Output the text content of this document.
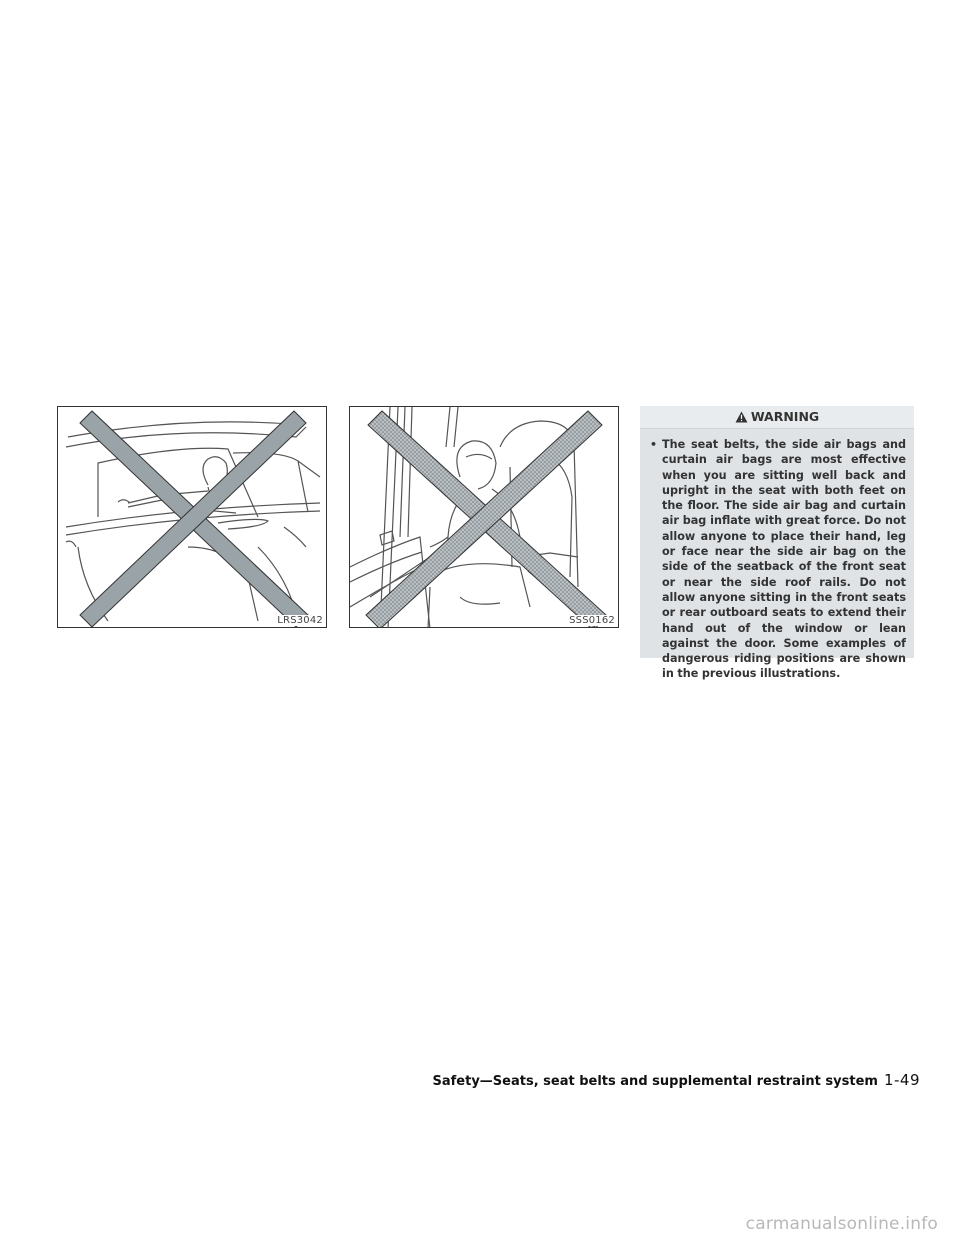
LRS3042	SSS0162
WARNING
• The seat belts, the side air bags and curtain air bags are most effective when you are sitting well back and upright in the seat with both feet on the floor. The side air bag and curtain air bag inflate with great force. Do not allow anyone to place their hand, leg or face near the side air bag on the side of the seatback of the front seat or near the side roof rails. Do not allow anyone sitting in the front seats or rear outboard seats to extend their hand out of the window or lean against the door. Some examples of dangerous riding positions are shown in the previous illustrations.

Safety—Seats, seat belts and supplemental restraint system 1-49
carmanualsonline.info
